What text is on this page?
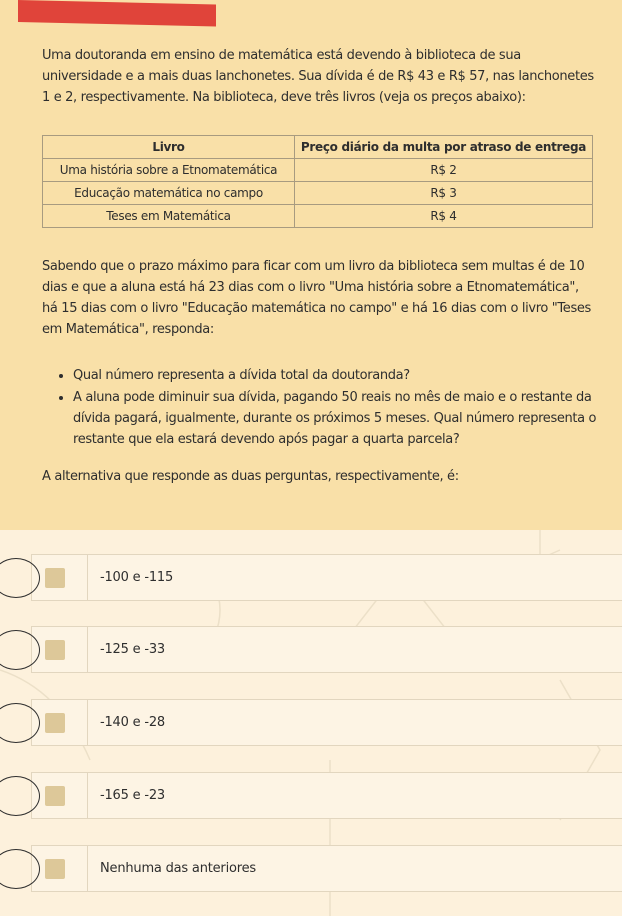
Uma doutoranda em ensino de matemática está devendo à biblioteca de sua universidade e a mais duas lanchonetes. Sua dívida é de R$ 43 e R$ 57, nas lanchonetes 1 e 2, respectivamente. Na biblioteca, deve três livros (veja os preços abaixo):
Livro	Preço diário da multa por atraso de entrega
Uma história sobre a Etnomatemática	R$ 2
Educação matemática no campo	R$ 3
Teses em Matemática	R$ 4
Sabendo que o prazo máximo para ficar com um livro da biblioteca sem multas é de 10 dias e que a aluna está há 23 dias com o livro "Uma história sobre a Etnomatemática", há 15 dias com o livro "Educação matemática no campo" e há 16 dias com o livro "Teses em Matemática", responda:
• Qual número representa a dívida total da doutoranda?
• A aluna pode diminuir sua dívida, pagando 50 reais no mês de maio e o restante da dívida pagará, igualmente, durante os próximos 5 meses. Qual número representa o restante que ela estará devendo após pagar a quarta parcela?
A alternativa que responde as duas perguntas, respectivamente, é:
-100 e -115
-125 e -33
-140 e -28
-165 e -23
Nenhuma das anteriores
